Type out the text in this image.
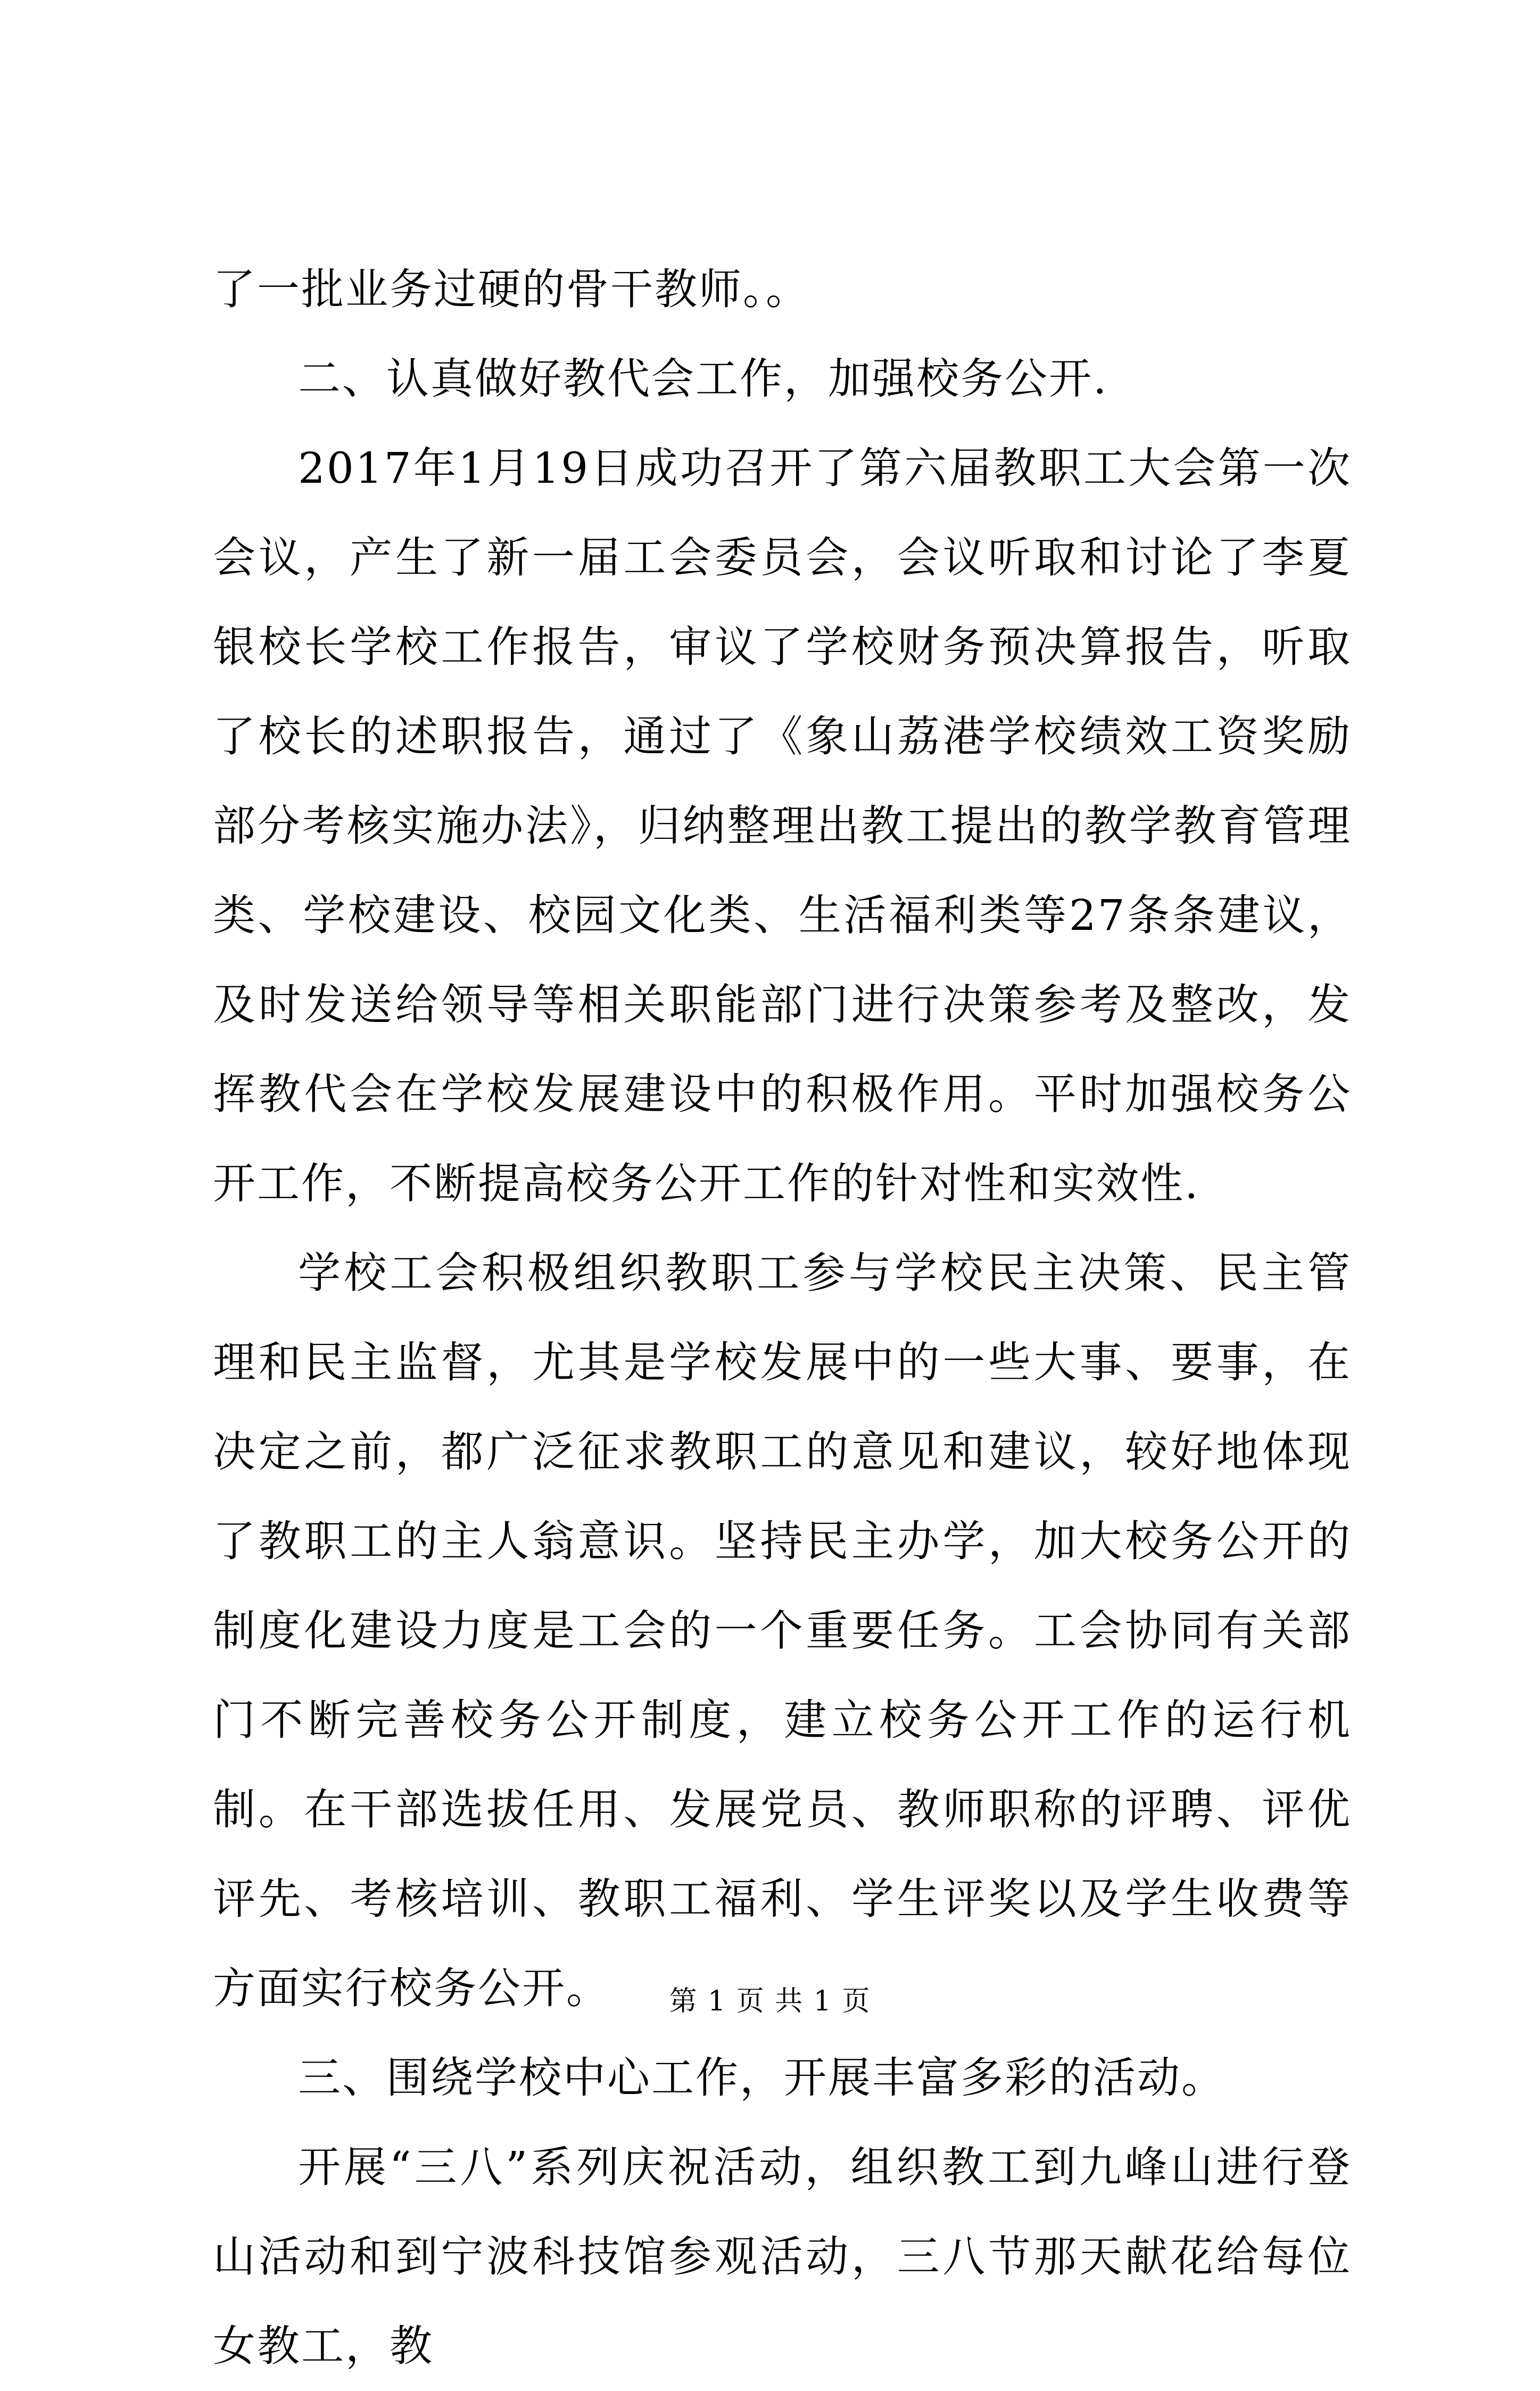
了一批业务过硬的骨干教师。。

二、认真做好教代会工作，加强校务公开.

2017年1月19日成功召开了第六届教职工大会第一次会议，产生了新一届工会委员会，会议听取和讨论了李夏银校长学校工作报告，审议了学校财务预决算报告，听取了校长的述职报告，通过了《象山荔港学校绩效工资奖励部分考核实施办法》，归纳整理出教工提出的教学教育管理类、学校建设、校园文化类、生活福利类等27条条建议，及时发送给领导等相关职能部门进行决策参考及整改，发挥教代会在学校发展建设中的积极作用。平时加强校务公开工作，不断提高校务公开工作的针对性和实效性.

学校工会积极组织教职工参与学校民主决策、民主管理和民主监督，尤其是学校发展中的一些大事、要事，在决定之前，都广泛征求教职工的意见和建议，较好地体现了教职工的主人翁意识。坚持民主办学，加大校务公开的制度化建设力度是工会的一个重要任务。工会协同有关部门不断完善校务公开制度，建立校务公开工作的运行机制。在干部选拔任用、发展党员、教师职称的评聘、评优评先、考核培训、教职工福利、学生评奖以及学生收费等方面实行校务公开。

三、围绕学校中心工作，开展丰富多彩的活动。

开展“三八”系列庆祝活动，组织教工到九峰山进行登山活动和到宁波科技馆参观活动，三八节那天献花给每位女教工，教

第 1 页 共 1 页
